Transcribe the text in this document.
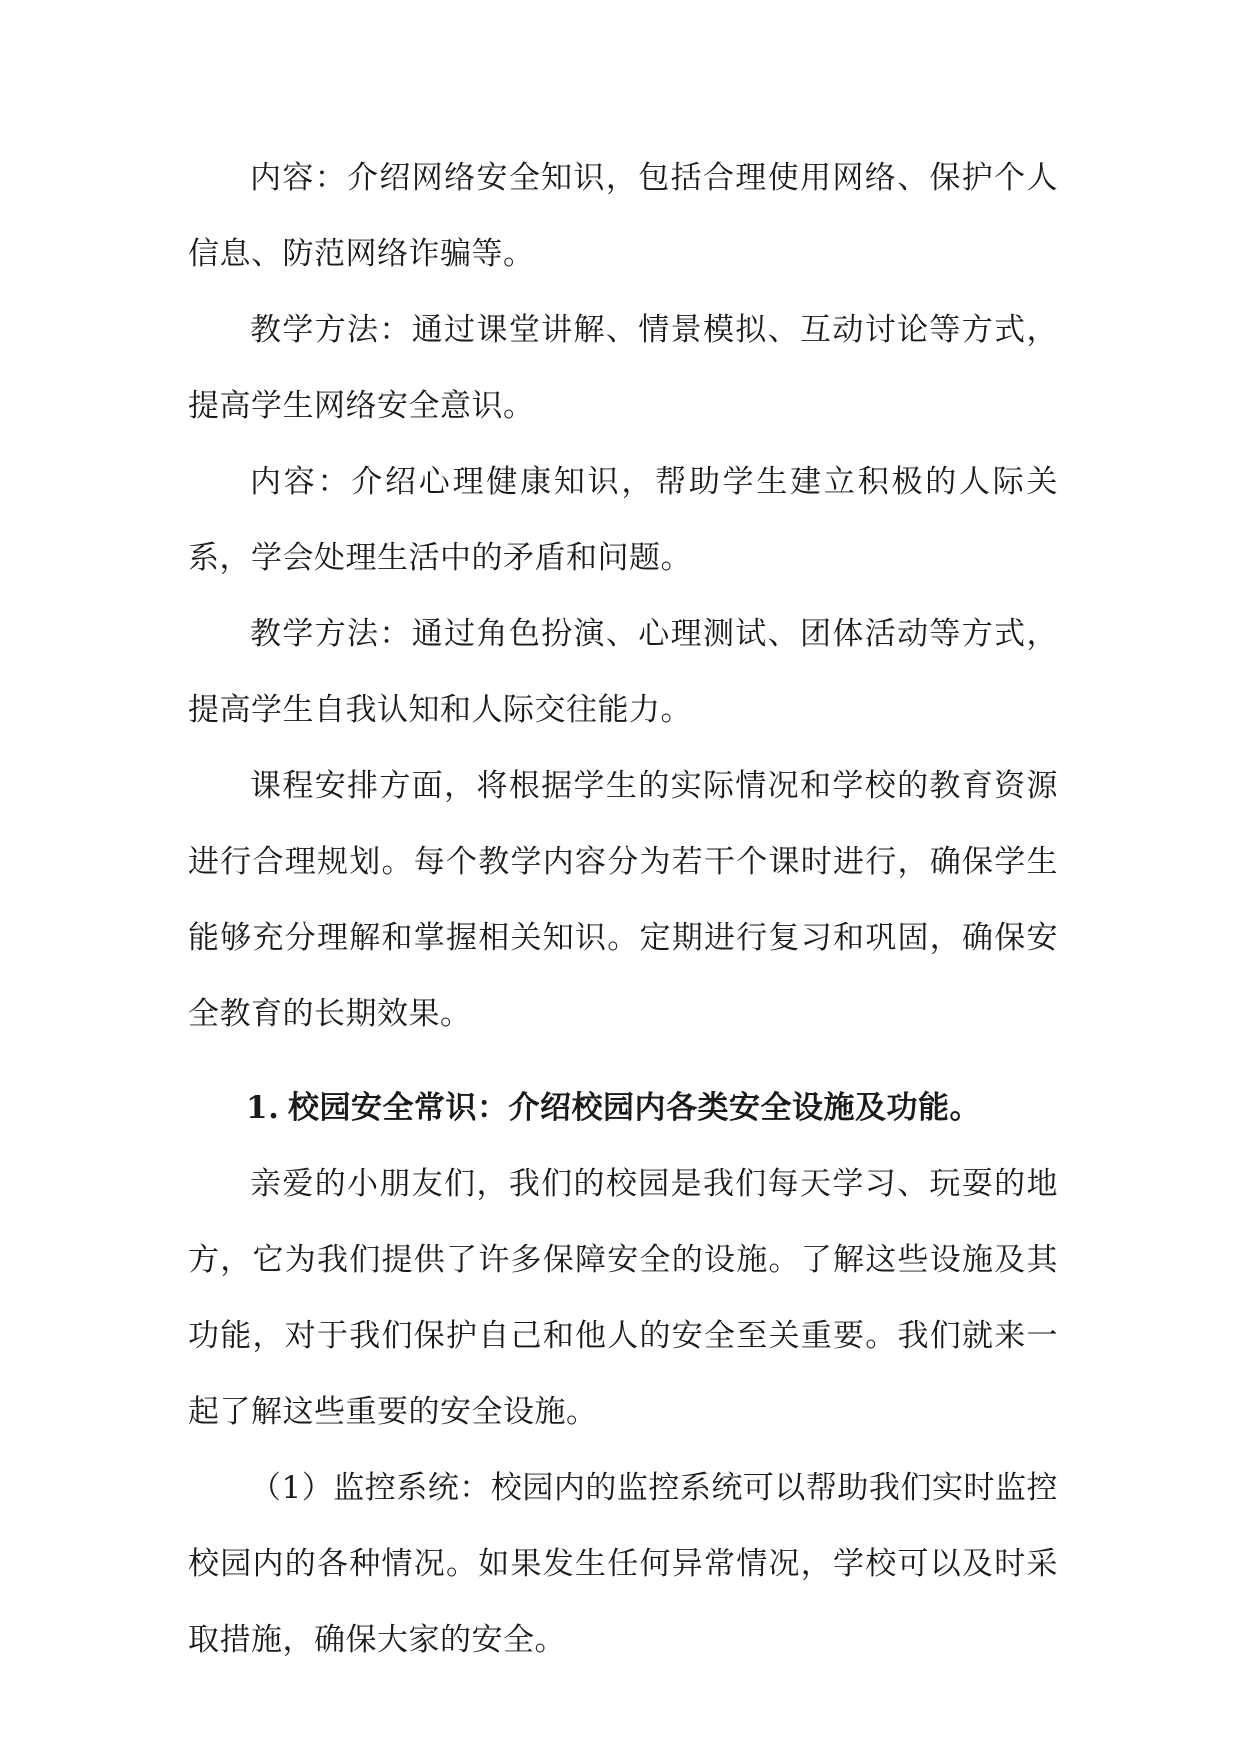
内容：介绍网络安全知识，包括合理使用网络、保护个人信息、防范网络诈骗等。

教学方法：通过课堂讲解、情景模拟、互动讨论等方式，提高学生网络安全意识。

内容：介绍心理健康知识，帮助学生建立积极的人际关系，学会处理生活中的矛盾和问题。

教学方法：通过角色扮演、心理测试、团体活动等方式，提高学生自我认知和人际交往能力。

课程安排方面，将根据学生的实际情况和学校的教育资源进行合理规划。每个教学内容分为若干个课时进行，确保学生能够充分理解和掌握相关知识。定期进行复习和巩固，确保安全教育的长期效果。

1. 校园安全常识：介绍校园内各类安全设施及功能。

亲爱的小朋友们，我们的校园是我们每天学习、玩耍的地方，它为我们提供了许多保障安全的设施。了解这些设施及其功能，对于我们保护自己和他人的安全至关重要。我们就来一起了解这些重要的安全设施。

（1）监控系统：校园内的监控系统可以帮助我们实时监控校园内的各种情况。如果发生任何异常情况，学校可以及时采取措施，确保大家的安全。
